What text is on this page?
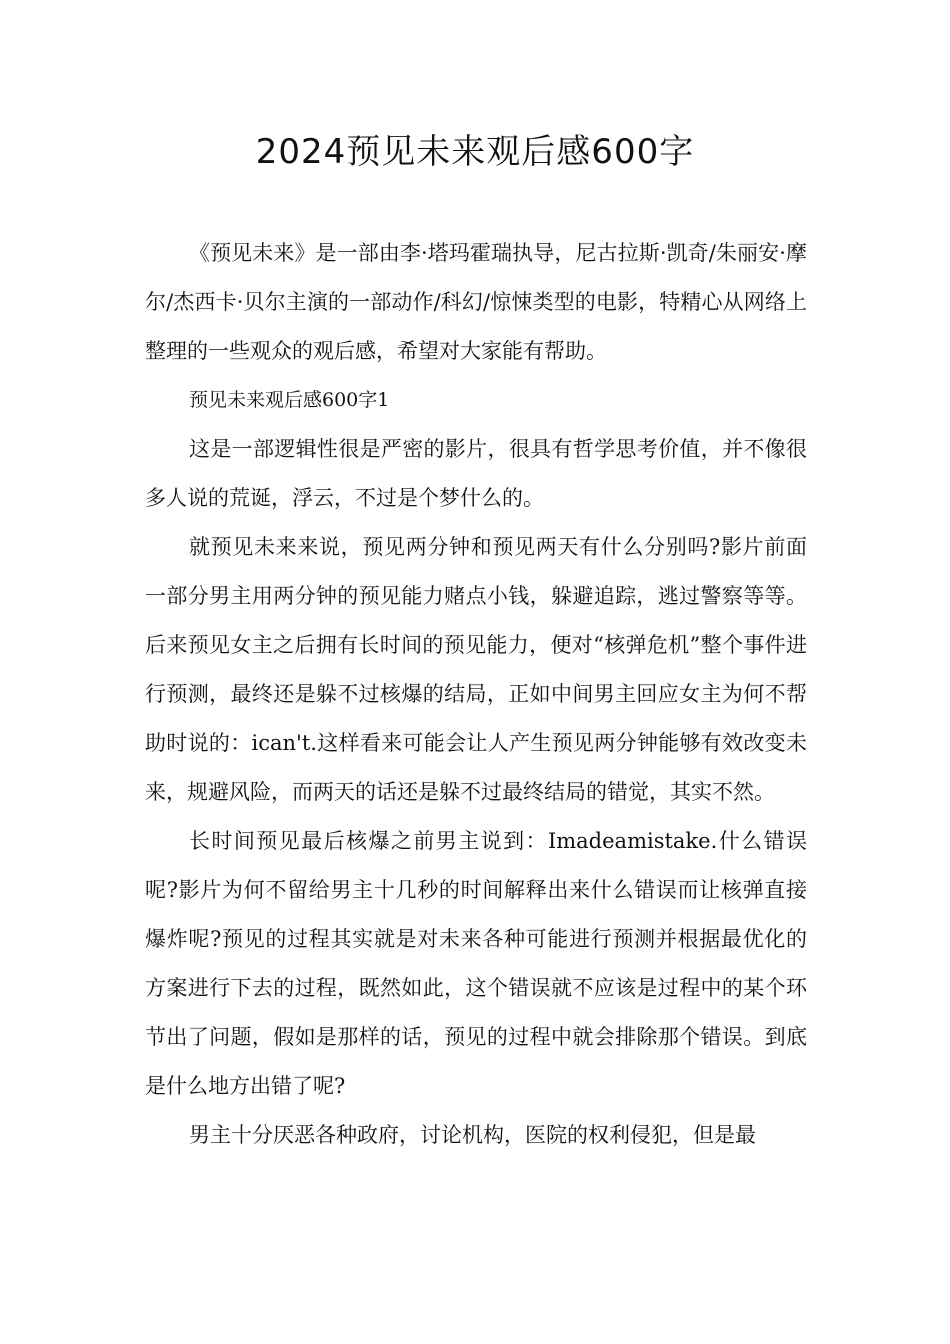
2024预见未来观后感600字

《预见未来》是一部由李·塔玛霍瑞执导，尼古拉斯·凯奇/朱丽安·摩尔/杰西卡·贝尔主演的一部动作/科幻/惊悚类型的电影，特精心从网络上整理的一些观众的观后感，希望对大家能有帮助。

预见未来观后感600字1

这是一部逻辑性很是严密的影片，很具有哲学思考价值，并不像很多人说的荒诞，浮云，不过是个梦什么的。

就预见未来来说，预见两分钟和预见两天有什么分别吗?影片前面一部分男主用两分钟的预见能力赌点小钱，躲避追踪，逃过警察等等。后来预见女主之后拥有长时间的预见能力，便对“核弹危机”整个事件进行预测，最终还是躲不过核爆的结局，正如中间男主回应女主为何不帮助时说的：ican't.这样看来可能会让人产生预见两分钟能够有效改变未来，规避风险，而两天的话还是躲不过最终结局的错觉，其实不然。

长时间预见最后核爆之前男主说到：Imadeamistake.什么错误呢?影片为何不留给男主十几秒的时间解释出来什么错误而让核弹直接爆炸呢?预见的过程其实就是对未来各种可能进行预测并根据最优化的方案进行下去的过程，既然如此，这个错误就不应该是过程中的某个环节出了问题，假如是那样的话，预见的过程中就会排除那个错误。到底是什么地方出错了呢?

男主十分厌恶各种政府，讨论机构，医院的权利侵犯，但是最
